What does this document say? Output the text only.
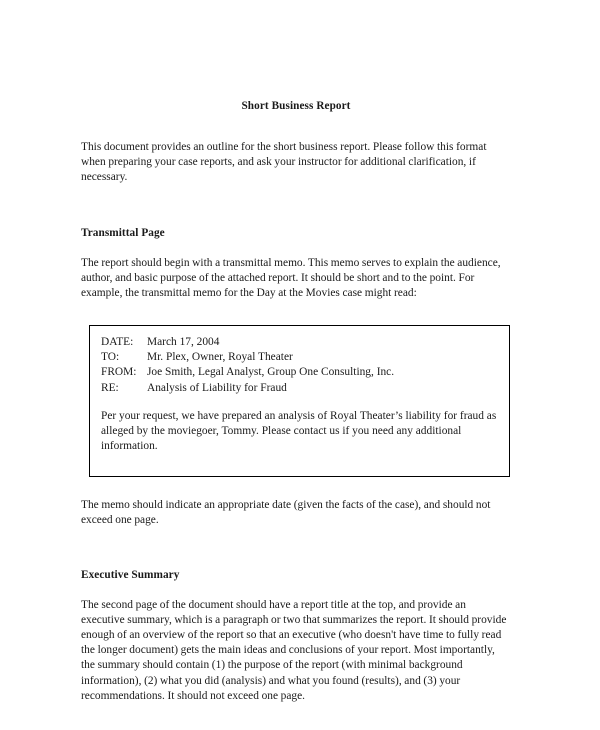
Short Business Report

This document provides an outline for the short business report. Please follow this format when preparing your case reports, and ask your instructor for additional clarification, if necessary.

Transmittal Page

The report should begin with a transmittal memo. This memo serves to explain the audience, author, and basic purpose of the attached report. It should be short and to the point. For example, the transmittal memo for the Day at the Movies case might read:

DATE:	March 17, 2004
TO:	Mr. Plex, Owner, Royal Theater
FROM: Joe Smith, Legal Analyst, Group One Consulting, Inc.
RE:	Analysis of Liability for Fraud

Per your request, we have prepared an analysis of Royal Theater’s liability for fraud as alleged by the moviegoer, Tommy. Please contact us if you need any additional information.

The memo should indicate an appropriate date (given the facts of the case), and should not exceed one page.

Executive Summary

The second page of the document should have a report title at the top, and provide an executive summary, which is a paragraph or two that summarizes the report. It should provide enough of an overview of the report so that an executive (who doesn't have time to fully read the longer document) gets the main ideas and conclusions of your report. Most importantly, the summary should contain (1) the purpose of the report (with minimal background information), (2) what you did (analysis) and what you found (results), and (3) your recommendations. It should not exceed one page.
